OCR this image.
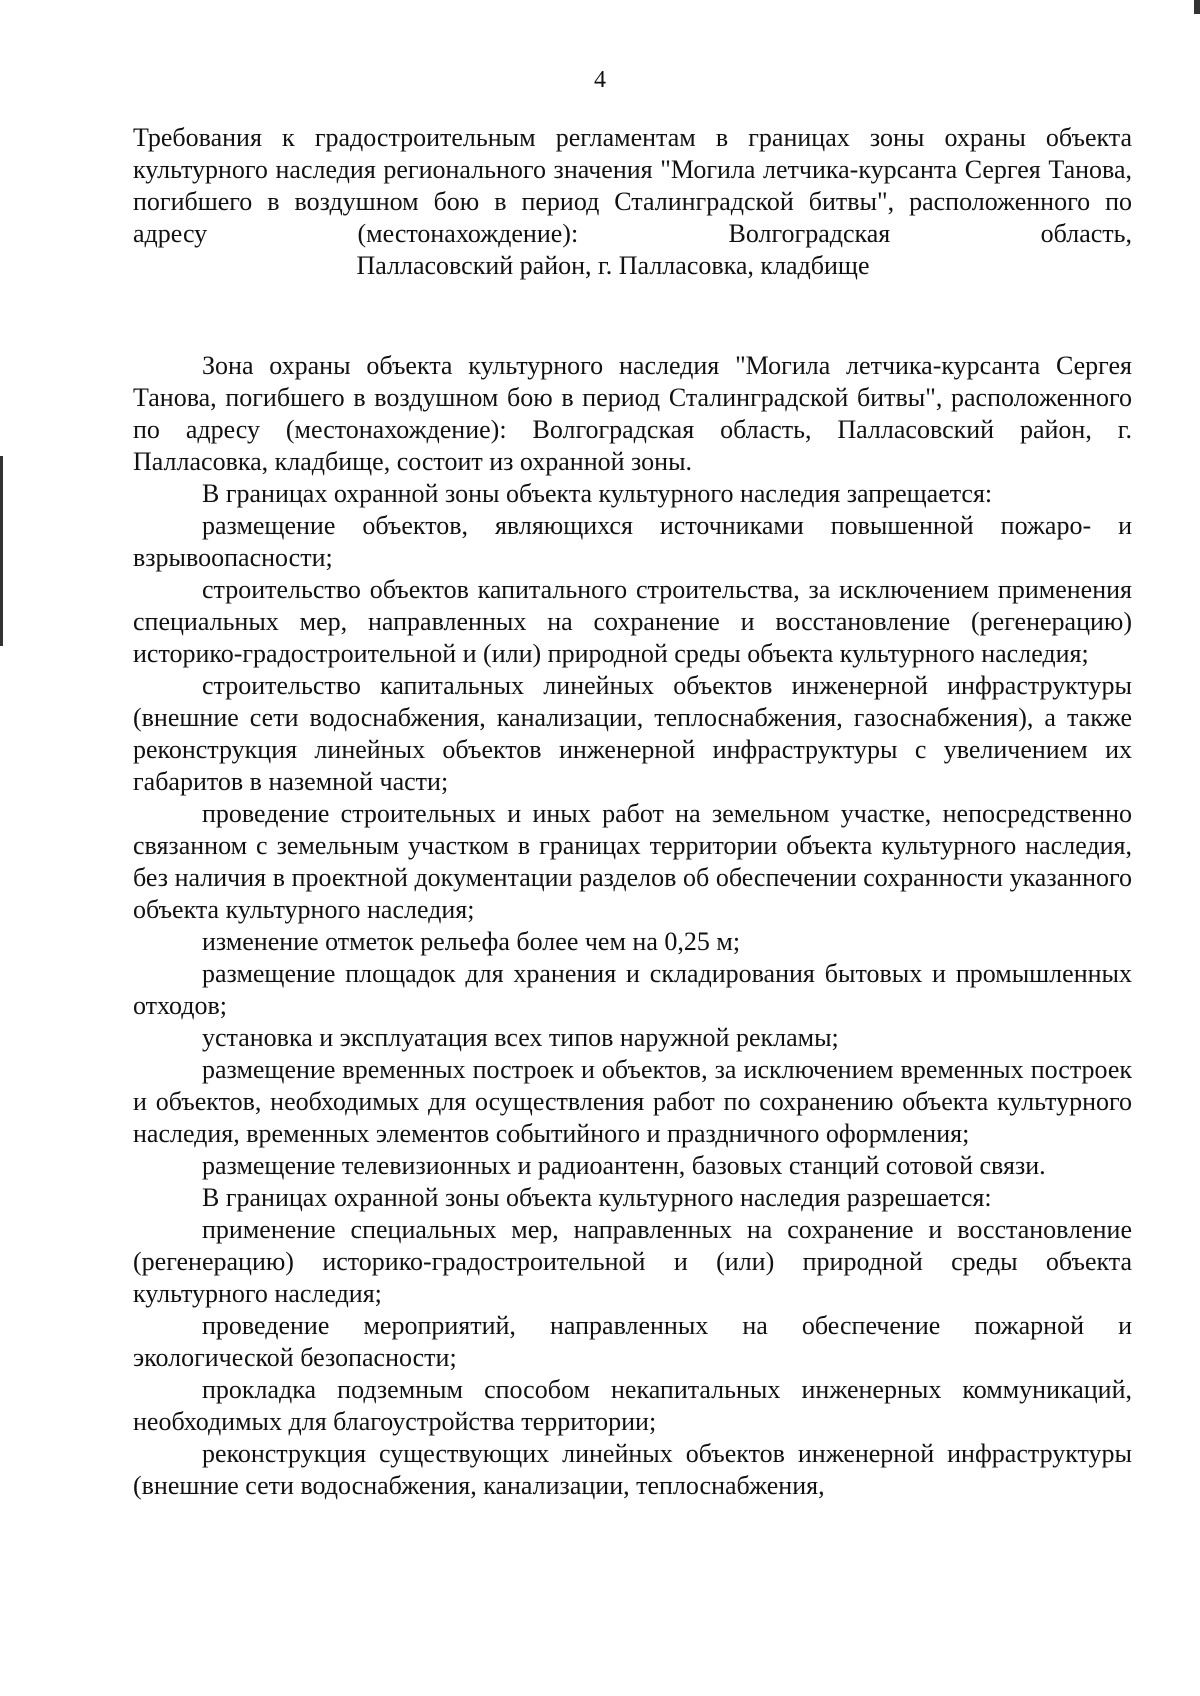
4
Требования к градостроительным регламентам в границах зоны охраны объекта культурного наследия регионального значения "Могила летчика-курсанта Сергея Танова, погибшего в воздушном бою в период Сталинградской битвы", расположенного по адресу (местонахождение): Волгоградская область,
Палласовский район, г. Палласовка, кладбище

Зона охраны объекта культурного наследия "Могила летчика-курсанта Сергея Танова, погибшего в воздушном бою в период Сталинградской битвы", расположенного по адресу (местонахождение): Волгоградская область, Палласовский район, г. Палласовка, кладбище, состоит из охранной зоны.

В границах охранной зоны объекта культурного наследия запрещается:

размещение объектов, являющихся источниками повышенной пожаро- и взрывоопасности;

строительство объектов капитального строительства, за исключением применения специальных мер, направленных на сохранение и восстановление (регенерацию) историко-градостроительной и (или) природной среды объекта культурного наследия;

строительство капитальных линейных объектов инженерной инфраструктуры (внешние сети водоснабжения, канализации, теплоснабжения, газоснабжения), а также реконструкция линейных объектов инженерной инфраструктуры с увеличением их габаритов в наземной части;

проведение строительных и иных работ на земельном участке, непосредственно связанном с земельным участком в границах территории объекта культурного наследия, без наличия в проектной документации разделов об обеспечении сохранности указанного объекта культурного наследия;

изменение отметок рельефа более чем на 0,25 м;

размещение площадок для хранения и складирования бытовых и промышленных отходов;

установка и эксплуатация всех типов наружной рекламы;

размещение временных построек и объектов, за исключением временных построек и объектов, необходимых для осуществления работ по сохранению объекта культурного наследия, временных элементов событийного и праздничного оформления;

размещение телевизионных и радиоантенн, базовых станций сотовой связи.

В границах охранной зоны объекта культурного наследия разрешается:

применение специальных мер, направленных на сохранение и восстановление (регенерацию) историко-градостроительной и (или) природной среды объекта культурного наследия;

проведение мероприятий, направленных на обеспечение пожарной и экологической безопасности;

прокладка подземным способом некапитальных инженерных коммуникаций, необходимых для благоустройства территории;

реконструкция существующих линейных объектов инженерной инфраструктуры (внешние сети водоснабжения, канализации, теплоснабжения,
